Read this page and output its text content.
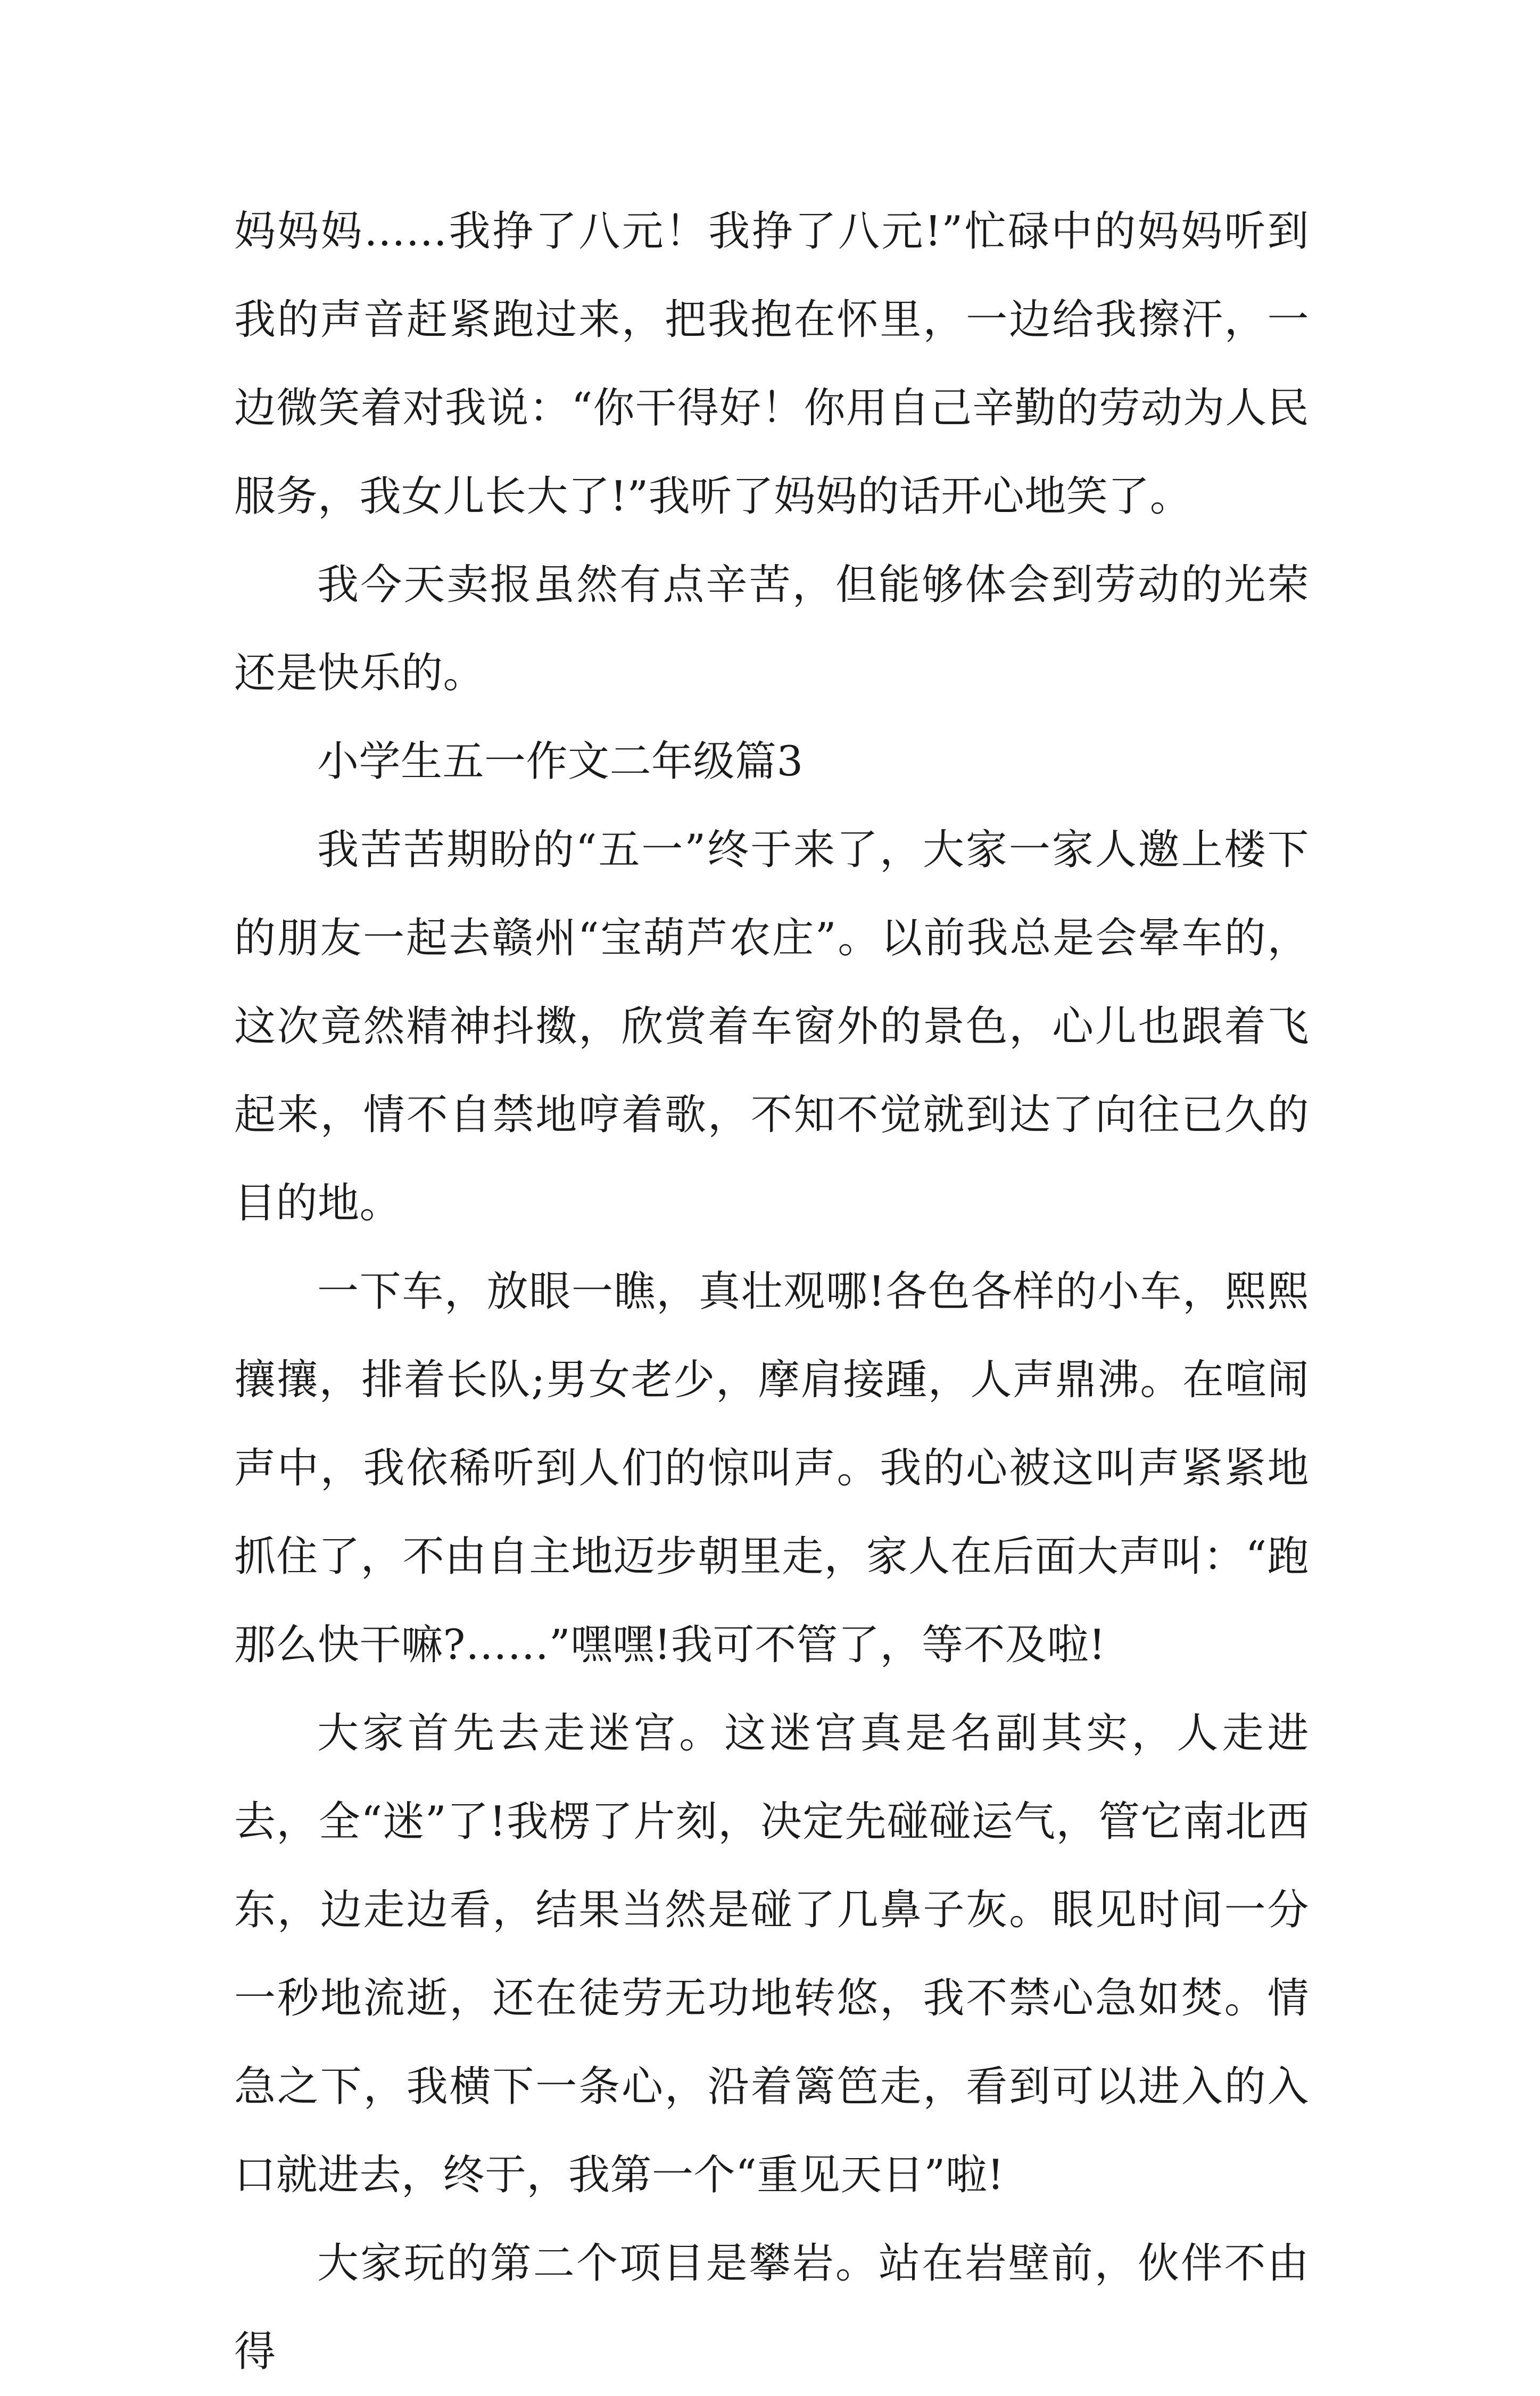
妈妈妈……我挣了八元！我挣了八元!”忙碌中的妈妈听到我的声音赶紧跑过来，把我抱在怀里，一边给我擦汗，一边微笑着对我说：“你干得好！你用自己辛勤的劳动为人民服务，我女儿长大了!”我听了妈妈的话开心地笑了。

我今天卖报虽然有点辛苦，但能够体会到劳动的光荣还是快乐的。

小学生五一作文二年级篇3

我苦苦期盼的“五一”终于来了，大家一家人邀上楼下的朋友一起去赣州“宝葫芦农庄”。以前我总是会晕车的，这次竟然精神抖擞，欣赏着车窗外的景色，心儿也跟着飞起来，情不自禁地哼着歌，不知不觉就到达了向往已久的目的地。

一下车，放眼一瞧，真壮观哪!各色各样的小车，熙熙攘攘，排着长队;男女老少，摩肩接踵，人声鼎沸。在喧闹声中，我依稀听到人们的惊叫声。我的心被这叫声紧紧地抓住了，不由自主地迈步朝里走，家人在后面大声叫：“跑那么快干嘛?……”嘿嘿!我可不管了，等不及啦!

大家首先去走迷宫。这迷宫真是名副其实，人走进去，全“迷”了!我楞了片刻，决定先碰碰运气，管它南北西东，边走边看，结果当然是碰了几鼻子灰。眼见时间一分一秒地流逝，还在徒劳无功地转悠，我不禁心急如焚。情急之下，我横下一条心，沿着篱笆走，看到可以进入的入口就进去，终于，我第一个“重见天日”啦!

大家玩的第二个项目是攀岩。站在岩壁前，伙伴不由得
